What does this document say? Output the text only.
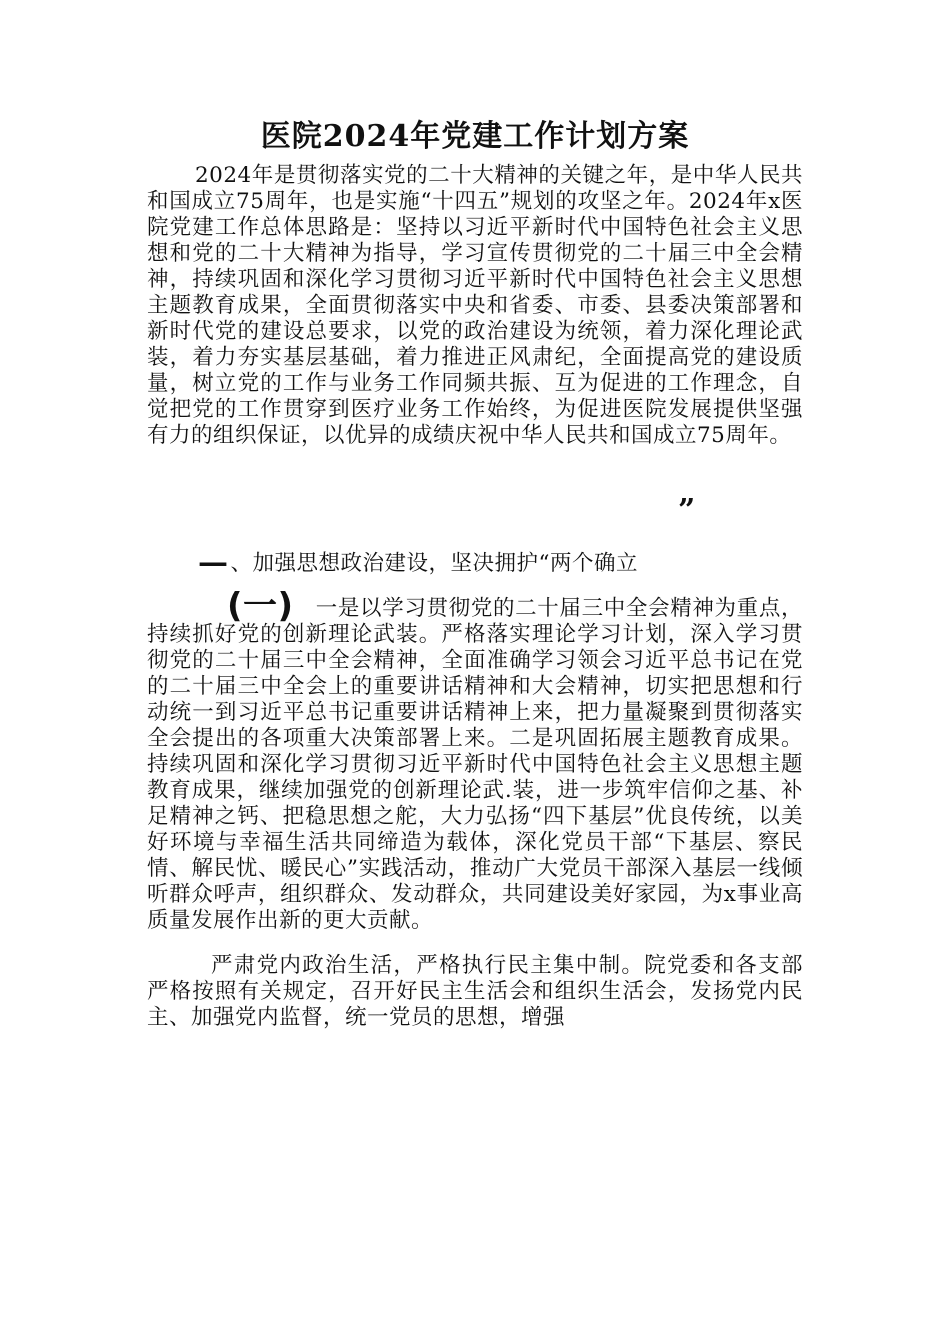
医院2024年党建工作计划方案
2024年是贯彻落实党的二十大精神的关键之年，是中华人民共和国成立75周年，也是实施“十四五”规划的攻坚之年。2024年x医院党建工作总体思路是：坚持以习近平新时代中国特色社会主义思想和党的二十大精神为指导，学习宣传贯彻党的二十届三中全会精神，持续巩固和深化学习贯彻习近平新时代中国特色社会主义思想主题教育成果，全面贯彻落实中央和省委、市委、县委决策部署和新时代党的建设总要求，以党的政治建设为统领，着力深化理论武装，着力夯实基层基础，着力推进正风肃纪，全面提高党的建设质量，树立党的工作与业务工作同频共振、互为促进的工作理念，自觉把党的工作贯穿到医疗业务工作始终，为促进医院发展提供坚强有力的组织保证，以优异的成绩庆祝中华人民共和国成立75周年。
”
—、加强思想政治建设，坚决拥护“两个确立
(一) 一是以学习贯彻党的二十届三中全会精神为重点，持续抓好党的创新理论武装。严格落实理论学习计划，深入学习贯彻党的二十届三中全会精神，全面准确学习领会习近平总书记在党的二十届三中全会上的重要讲话精神和大会精神，切实把思想和行动统一到习近平总书记重要讲话精神上来，把力量凝聚到贯彻落实全会提出的各项重大决策部署上来。二是巩固拓展主题教育成果。持续巩固和深化学习贯彻习近平新时代中国特色社会主义思想主题教育成果，继续加强党的创新理论武.装，进一步筑牢信仰之基、补足精神之钙、把稳思想之舵，大力弘扬“四下基层”优良传统，以美好环境与幸福生活共同缔造为载体，深化党员干部“下基层、察民情、解民忧、暖民心”实践活动，推动广大党员干部深入基层一线倾听群众呼声，组织群众、发动群众，共同建设美好家园，为x事业高质量发展作出新的更大贡献。
严肃党内政治生活，严格执行民主集中制。院党委和各支部严格按照有关规定，召开好民主生活会和组织生活会，发扬党内民主、加强党内监督，统一党员的思想，增强
